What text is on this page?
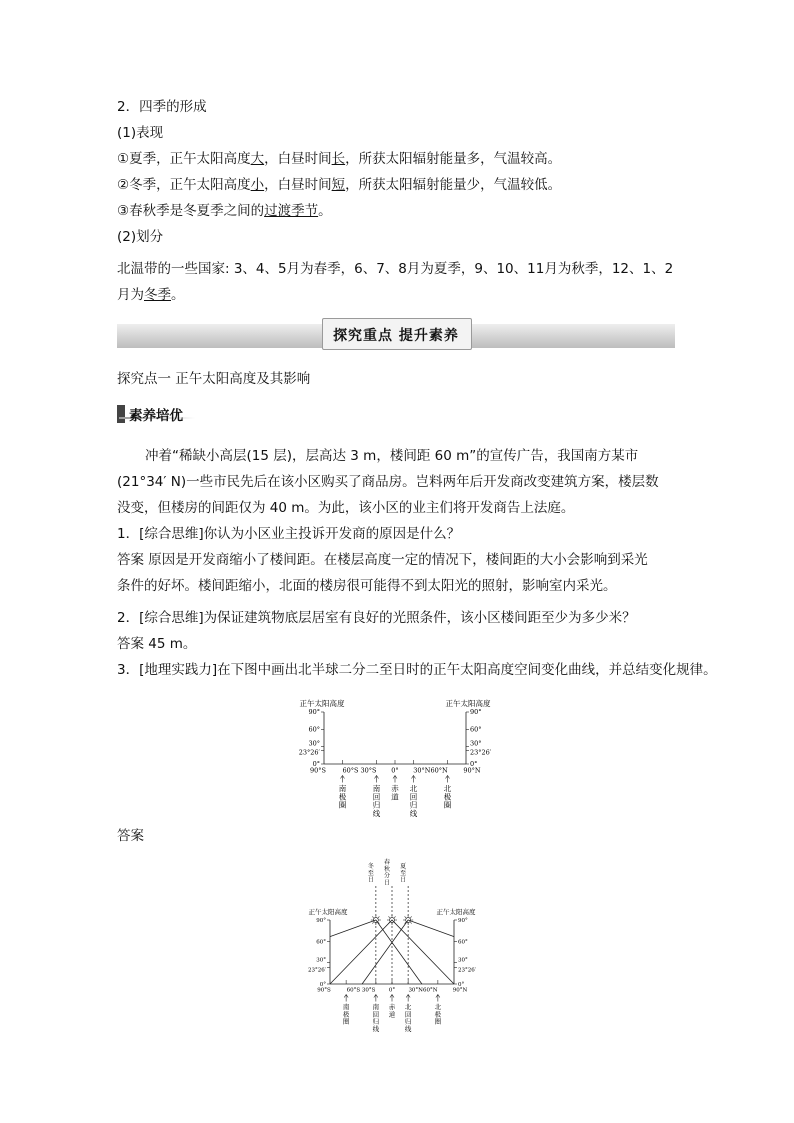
2．四季的形成
(1)表现
①夏季，正午太阳高度大，白昼时间长，所获太阳辐射能量多，气温较高。
②冬季，正午太阳高度小，白昼时间短，所获太阳辐射能量少，气温较低。
③春秋季是冬夏季之间的过渡季节。
(2)划分
北温带的一些国家: 3、4、5月为春季，6、7、8月为夏季，9、10、11月为秋季，12、1、2
月为冬季。
探究重点 提升素养
探究点一 正午太阳高度及其影响
素养培优
冲着“稀缺小高层(15 层)，层高达 3 m，楼间距 60 m”的宣传广告，我国南方某市
(21°34′ N)一些市民先后在该小区购买了商品房。岂料两年后开发商改变建筑方案，楼层数
没变，但楼房的间距仅为 40 m。为此，该小区的业主们将开发商告上法庭。
1．[综合思维]你认为小区业主投诉开发商的原因是什么？
答案 原因是开发商缩小了楼间距。在楼层高度一定的情况下，楼间距的大小会影响到采光
条件的好坏。楼间距缩小，北面的楼房很可能得不到太阳光的照射，影响室内采光。
2．[综合思维]为保证建筑物底层居室有良好的光照条件，该小区楼间距至少为多少米？
答案 45 m。
3．[地理实践力]在下图中画出北半球二分二至日时的正午太阳高度空间变化曲线，并总结变化规律。
正午太阳高度	正午太阳高度
90°	90°
60°	60°
30°	30°
23°26′	23°26′
0°	0°
90°S	60°S 30°S 0° 30°N60°N 90°N
南
极
圈
南
回
归
线
赤
道
北
回
归
线
北
极
圈
答案
正午太阳高度	正午太阳高度
90°	90°
60°	60°
30°	30°
23°26′	23°26′
0°	0°
90°S	60°S 30°S 0° 30°N60°N	90°N
南
极
圈
南
回
归
线
赤
道
北
回
归
线
北
极
圈
冬
至
日
春
秋
分
日
夏
至
日
